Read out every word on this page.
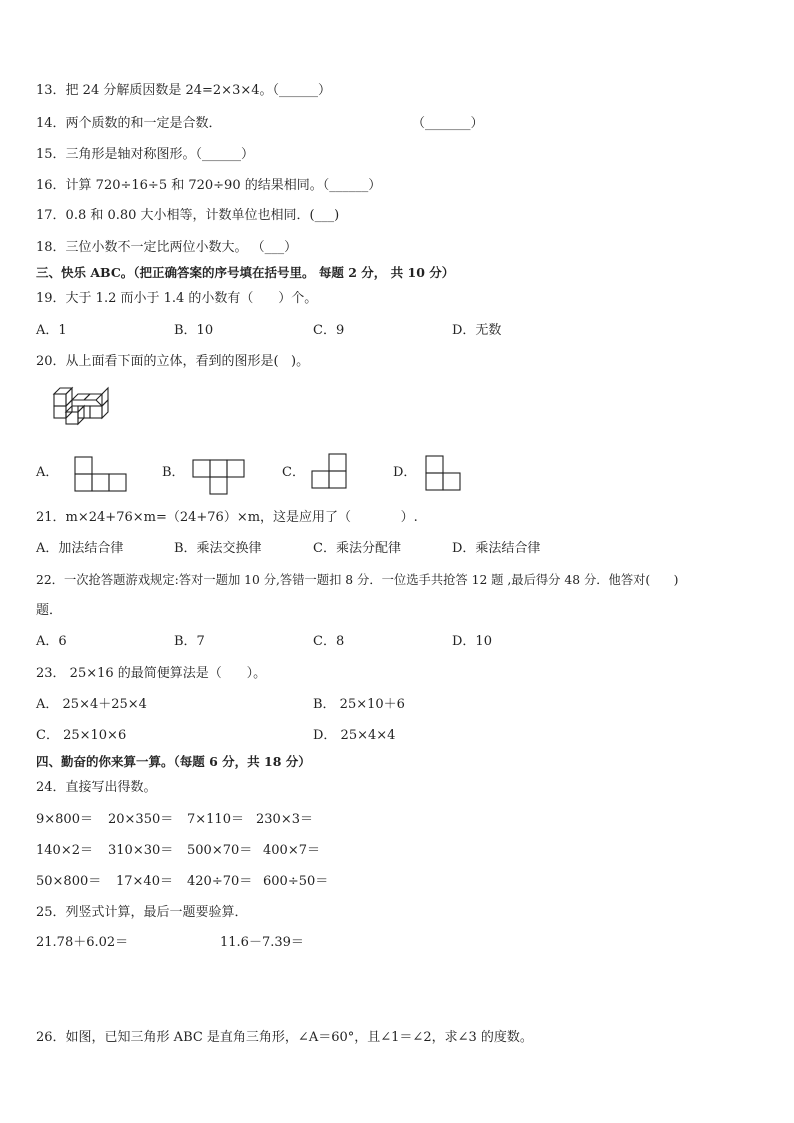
13．把 24 分解质因数是 24=2×3×4。（______）
14．两个质数的和一定是合数．	（_______）
15．三角形是轴对称图形。（______）
16．计算 720÷16÷5 和 720÷90 的结果相同。（______）
17．0.8 和 0.80 大小相等，计数单位也相同．(___)
18．三位小数不一定比两位小数大。 （___）
三、快乐 ABC。（把正确答案的序号填在括号里。 每题 2 分， 共 10 分）
19．大于 1.2 而小于 1.4 的小数有（      ）个。
A．1	B．10	C．9	D．无数
20．从上面看下面的立体，看到的图形是(   )。
A．	B．	C．	D．
21．m×24+76×m=（24+76）×m，这是应用了（            ）.
A．加法结合律	B．乘法交换律	C．乘法分配律	D．乘法结合律
22．一次抢答题游戏规定:答对一题加 10 分,答错一题扣 8 分．一位选手共抢答 12 题 ,最后得分 48 分．他答对(      )
题．
A．6	B．7	C．8	D．10
23． 25×16 的最简便算法是（      ）。
A． 25×4＋25×4	B． 25×10＋6
C． 25×10×6	D． 25×4×4
四、勤奋的你来算一算。（每题 6 分，共 18 分）
24．直接写出得数。
9×800＝ 20×350＝ 7×110＝ 230×3＝
140×2＝ 310×30＝ 500×70＝ 400×7＝
50×800＝ 17×40＝ 420÷70＝ 600÷50＝
25．列竖式计算，最后一题要验算．
21.78＋6.02＝	11.6－7.39＝
26．如图，已知三角形 ABC 是直角三角形，∠A＝60°，且∠1＝∠2，求∠3 的度数。
